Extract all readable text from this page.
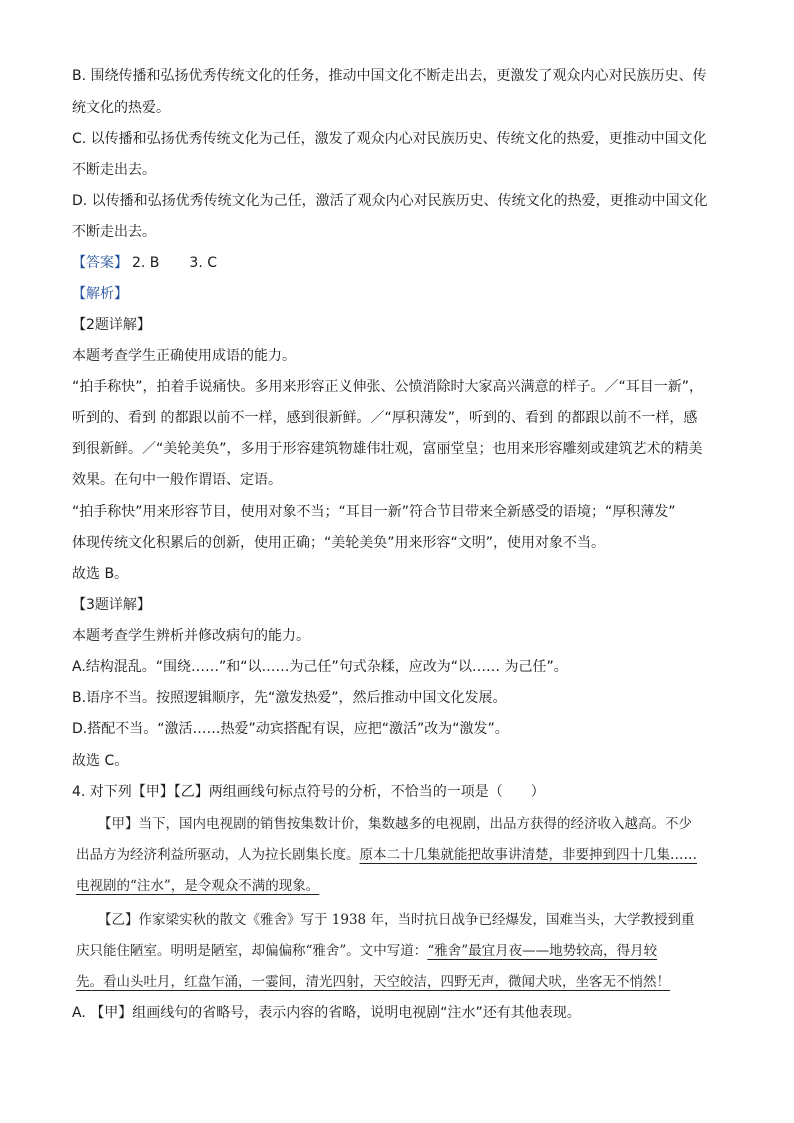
B. 围绕传播和弘扬优秀传统文化的任务，推动中国文化不断走出去，更激发了观众内心对民族历史、传
统文化的热爱。
C. 以传播和弘扬优秀传统文化为己任，激发了观众内心对民族历史、传统文化的热爱，更推动中国文化
不断走出去。
D. 以传播和弘扬优秀传统文化为己任，激活了观众内心对民族历史、传统文化的热爱，更推动中国文化
不断走出去。
【答案】 2. B 3. C
【解析】
【2题详解】
本题考查学生正确使用成语的能力。
“拍手称快”，拍着手说痛快。多用来形容正义伸张、公愤消除时大家高兴满意的样子。／“耳目一新”，
听到的、看到 的都跟以前不一样，感到很新鲜。／“厚积薄发”，听到的、看到 的都跟以前不一样，感
到很新鲜。／“美轮美奂”，多用于形容建筑物雄伟壮观，富丽堂皇；也用来形容雕刻或建筑艺术的精美
效果。在句中一般作谓语、定语。
“拍手称快”用来形容节目，使用对象不当；“耳目一新”符合节目带来全新感受的语境；“厚积薄发”
体现传统文化积累后的创新，使用正确；“美轮美奂”用来形容“文明”，使用对象不当。
故选 B。
【3题详解】
本题考查学生辨析并修改病句的能力。
A.结构混乱。“围绕……”和“以……为己任”句式杂糅，应改为“以…… 为己任”。
B.语序不当。按照逻辑顺序，先“激发热爱”，然后推动中国文化发展。
D.搭配不当。“激活……热爱”动宾搭配有误，应把“激活”改为“激发”。
故选 C。
4. 对下列【甲】【乙】两组画线句标点符号的分析，不恰当的一项是（　　）
【甲】当下，国内电视剧的销售按集数计价，集数越多的电视剧，出品方获得的经济收入越高。不少
出品方为经济利益所驱动，人为拉长剧集长度。原本二十几集就能把故事讲清楚，非要抻到四十几集……
电视剧的“注水”，是令观众不满的现象。
【乙】作家梁实秋的散文《雅舍》写于 1938 年，当时抗日战争已经爆发，国难当头，大学教授到重
庆只能住陋室。明明是陋室，却偏偏称“雅舍”。文中写道：“雅舍”最宜月夜——地势较高，得月较
先。看山头吐月，红盘乍涌，一霎间，清光四射，天空皎洁，四野无声，微闻犬吠，坐客无不悄然！
A. 【甲】组画线句的省略号，表示内容的省略，说明电视剧“注水”还有其他表现。
